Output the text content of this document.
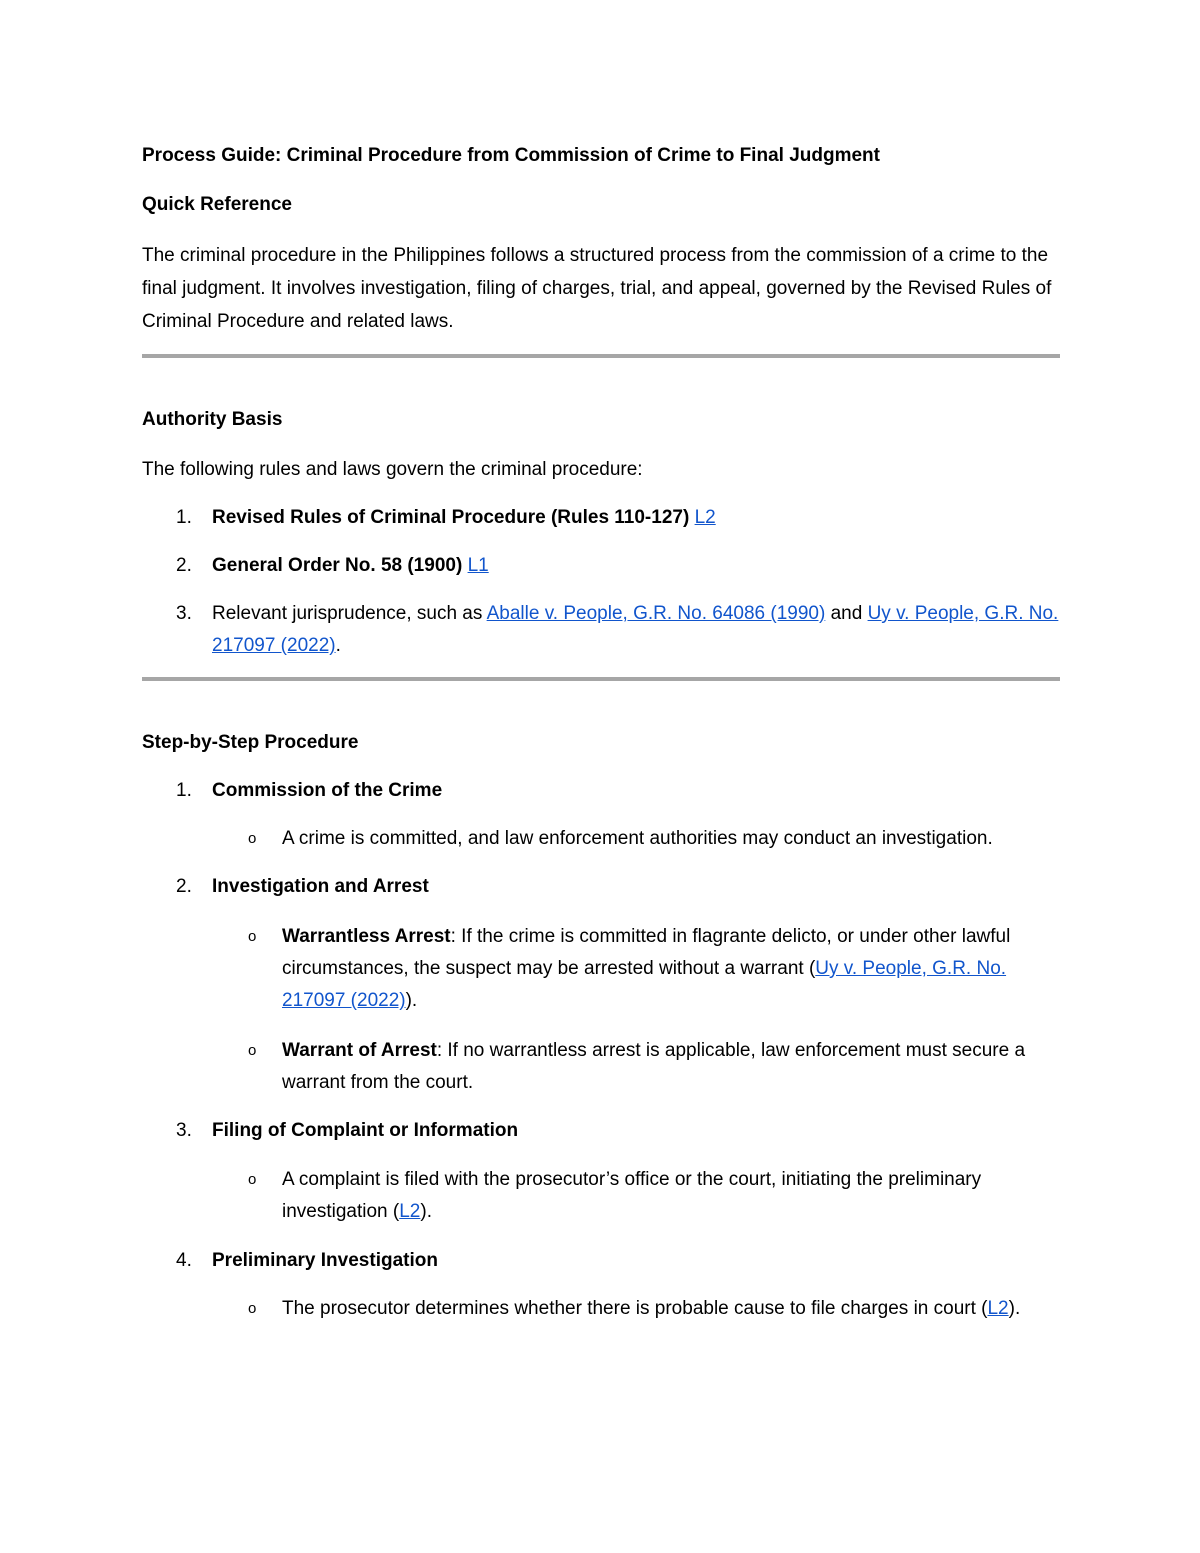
Process Guide: Criminal Procedure from Commission of Crime to Final Judgment

Quick Reference

The criminal procedure in the Philippines follows a structured process from the commission of a crime to the final judgment. It involves investigation, filing of charges, trial, and appeal, governed by the Revised Rules of Criminal Procedure and related laws.

Authority Basis

The following rules and laws govern the criminal procedure:

1. Revised Rules of Criminal Procedure (Rules 110-127) L2
2. General Order No. 58 (1900) L1
3. Relevant jurisprudence, such as Aballe v. People, G.R. No. 64086 (1990) and Uy v. People, G.R. No. 217097 (2022).

Step-by-Step Procedure

1. Commission of the Crime
o A crime is committed, and law enforcement authorities may conduct an investigation.
2. Investigation and Arrest
o Warrantless Arrest: If the crime is committed in flagrante delicto, or under other lawful circumstances, the suspect may be arrested without a warrant (Uy v. People, G.R. No. 217097 (2022)).
o Warrant of Arrest: If no warrantless arrest is applicable, law enforcement must secure a warrant from the court.
3. Filing of Complaint or Information
o A complaint is filed with the prosecutor’s office or the court, initiating the preliminary investigation (L2).
4. Preliminary Investigation
o The prosecutor determines whether there is probable cause to file charges in court (L2).
